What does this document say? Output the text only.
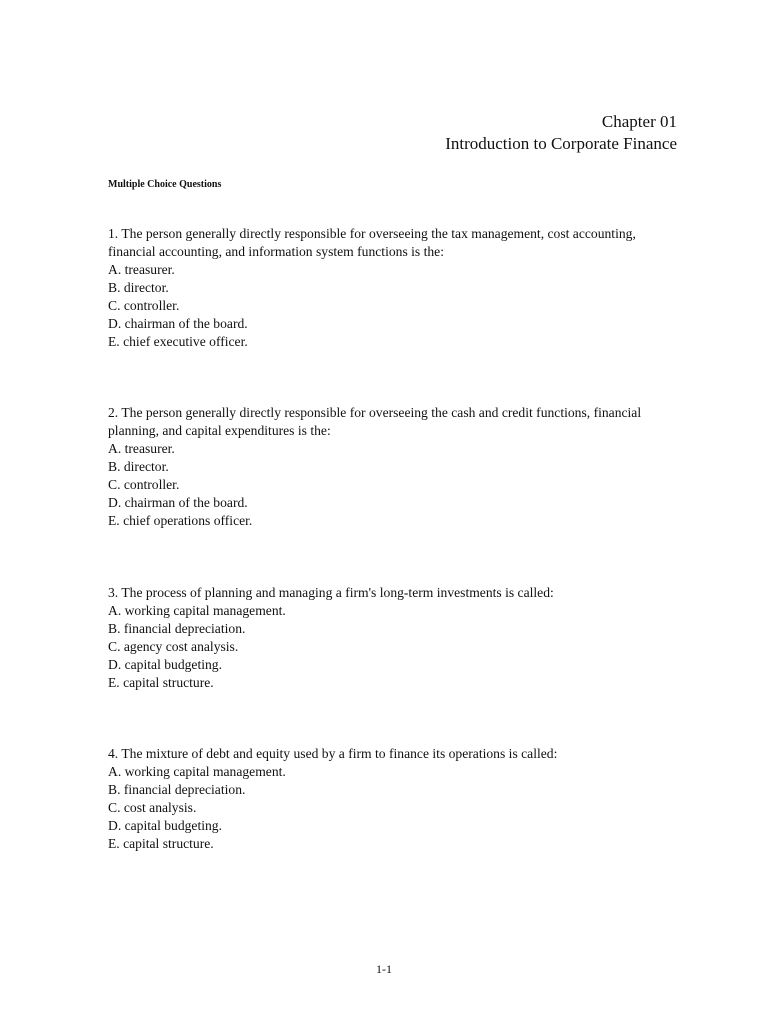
Chapter 01
Introduction to Corporate Finance
Multiple Choice Questions
1. The person generally directly responsible for overseeing the tax management, cost accounting, financial accounting, and information system functions is the:
A. treasurer.
B. director.
C. controller.
D. chairman of the board.
E. chief executive officer.
2. The person generally directly responsible for overseeing the cash and credit functions, financial planning, and capital expenditures is the:
A. treasurer.
B. director.
C. controller.
D. chairman of the board.
E. chief operations officer.
3. The process of planning and managing a firm's long-term investments is called:
A. working capital management.
B. financial depreciation.
C. agency cost analysis.
D. capital budgeting.
E. capital structure.
4. The mixture of debt and equity used by a firm to finance its operations is called:
A. working capital management.
B. financial depreciation.
C. cost analysis.
D. capital budgeting.
E. capital structure.
1-1
